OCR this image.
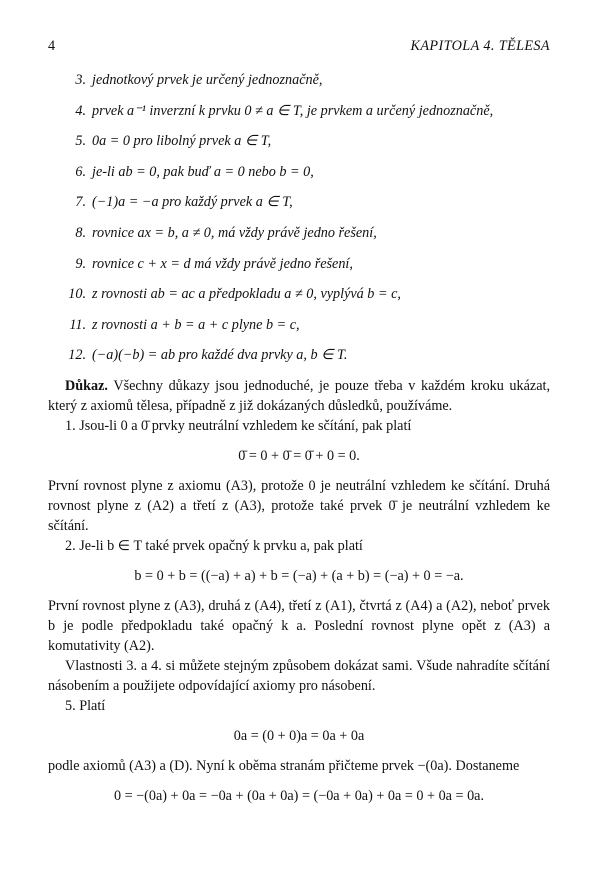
4	KAPITOLA 4. TĚLESA
3. jednotkový prvek je určený jednoznačně,
4. prvek a⁻¹ inverzní k prvku 0 ≠ a ∈ T, je prvkem a určený jednoznačně,
5. 0a = 0 pro libolný prvek a ∈ T,
6. je-li ab = 0, pak buď a = 0 nebo b = 0,
7. (−1)a = −a pro každý prvek a ∈ T,
8. rovnice ax = b, a ≠ 0, má vždy právě jedno řešení,
9. rovnice c + x = d má vždy právě jedno řešení,
10. z rovnosti ab = ac a předpokladu a ≠ 0, vyplývá b = c,
11. z rovnosti a + b = a + c plyne b = c,
12. (−a)(−b) = ab pro každé dva prvky a, b ∈ T.

Důkaz. Všechny důkazy jsou jednoduché, je pouze třeba v každém kroku ukázat, který z axiomů tělesa, případně z již dokázaných důsledků, používáme.

1. Jsou-li 0 a 0̄ prvky neutrální vzhledem ke sčítání, pak platí

0̄ = 0 + 0̄ = 0̄ + 0 = 0.

První rovnost plyne z axiomu (A3), protože 0 je neutrální vzhledem ke sčítání. Druhá rovnost plyne z (A2) a třetí z (A3), protože také prvek 0̄ je neutrální vzhledem ke sčítání.

2. Je-li b ∈ T také prvek opačný k prvku a, pak platí

b = 0 + b = ((−a) + a) + b = (−a) + (a + b) = (−a) + 0 = −a.

První rovnost plyne z (A3), druhá z (A4), třetí z (A1), čtvrtá z (A4) a (A2), neboť prvek b je podle předpokladu také opačný k a. Poslední rovnost plyne opět z (A3) a komutativity (A2).

Vlastnosti 3. a 4. si můžete stejným způsobem dokázat sami. Všude nahradíte sčítání násobením a použijete odpovídající axiomy pro násobení.

5. Platí

0a = (0 + 0)a = 0a + 0a

podle axiomů (A3) a (D). Nyní k oběma stranám přičteme prvek −(0a). Dostaneme

0 = −(0a) + 0a = −0a + (0a + 0a) = (−0a + 0a) + 0a = 0 + 0a = 0a.
